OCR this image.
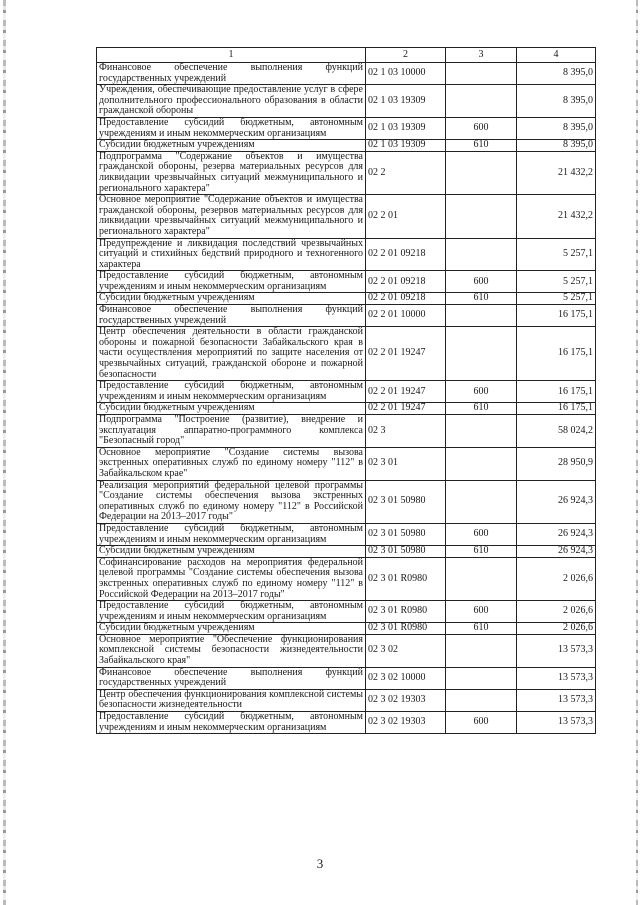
1	2	3	4
Финансовое обеспечение выполнения функций государственных учреждений	02 1 03 10000		8 395,0
Учреждения, обеспечивающие предоставление услуг в сфере дополнительного профессионального образования в области гражданской обороны	02 1 03 19309		8 395,0
Предоставление субсидий бюджетным, автономным учреждениям и иным некоммерческим организациям	02 1 03 19309	600	8 395,0
Субсидии бюджетным учреждениям	02 1 03 19309	610	8 395,0
Подпрограмма "Содержание объектов и имущества гражданской обороны, резерва материальных ресурсов для ликвидации чрезвычайных ситуаций межмуниципального и регионального характера"	02 2		21 432,2
Основное мероприятие "Содержание объектов и имущества гражданской обороны, резервов материальных ресурсов для ликвидации чрезвычайных ситуаций межмуниципального и регионального характера"	02 2 01		21 432,2
Предупреждение и ликвидация последствий чрезвычайных ситуаций и стихийных бедствий природного и техногенного характера	02 2 01 09218		5 257,1
Предоставление субсидий бюджетным, автономным учреждениям и иным некоммерческим организациям	02 2 01 09218	600	5 257,1
Субсидии бюджетным учреждениям	02 2 01 09218	610	5 257,1
Финансовое обеспечение выполнения функций государственных учреждений	02 2 01 10000		16 175,1
Центр обеспечения деятельности в области гражданской обороны и пожарной безопасности Забайкальского края в части осуществления мероприятий по защите населения от чрезвычайных ситуаций, гражданской обороне и пожарной безопасности	02 2 01 19247		16 175,1
Предоставление субсидий бюджетным, автономным учреждениям и иным некоммерческим организациям	02 2 01 19247	600	16 175,1
Субсидии бюджетным учреждениям	02 2 01 19247	610	16 175,1
Подпрограмма "Построение (развитие), внедрение и эксплуатация аппаратно-программного комплекса "Безопасный город"	02 3		58 024,2
Основное мероприятие "Создание системы вызова экстренных оперативных служб по единому номеру "112" в Забайкальском крае"	02 3 01		28 950,9
Реализация мероприятий федеральной целевой программы "Создание системы обеспечения вызова экстренных оперативных служб по единому номеру "112" в Российской Федерации на 2013–2017 годы"	02 3 01 50980		26 924,3
Предоставление субсидий бюджетным, автономным учреждениям и иным некоммерческим организациям	02 3 01 50980	600	26 924,3
Субсидии бюджетным учреждениям	02 3 01 50980	610	26 924,3
Софинансирование расходов на мероприятия федеральной целевой программы "Создание системы обеспечения вызова экстренных оперативных служб по единому номеру "112" в Российской Федерации на 2013–2017 годы"	02 3 01 R0980		2 026,6
Предоставление субсидий бюджетным, автономным учреждениям и иным некоммерческим организациям	02 3 01 R0980	600	2 026,6
Субсидии бюджетным учреждениям	02 3 01 R0980	610	2 026,6
Основное мероприятие "Обеспечение функционирования комплексной системы безопасности жизнедеятельности Забайкальского края"	02 3 02		13 573,3
Финансовое обеспечение выполнения функций государственных учреждений	02 3 02 10000		13 573,3
Центр обеспечения функционирования комплексной системы безопасности жизнедеятельности	02 3 02 19303		13 573,3
Предоставление субсидий бюджетным, автономным учреждениям и иным некоммерческим организациям	02 3 02 19303	600	13 573,3
3
